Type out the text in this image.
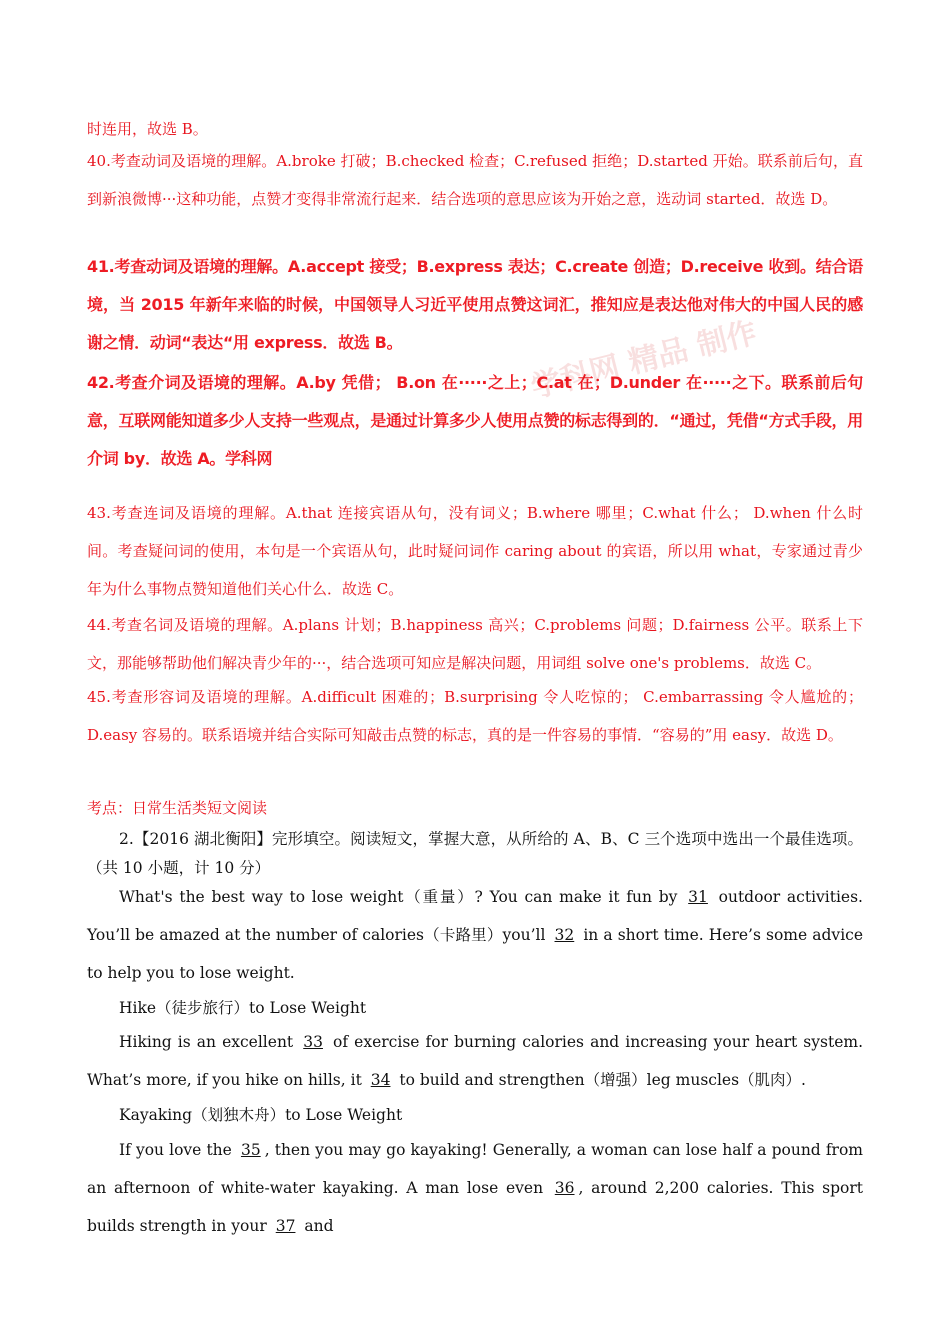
时连用，故选 B。

40.考查动词及语境的理解。A.broke 打破；B.checked 检查；C.refused 拒绝；D.started 开始。联系前后句，直到新浪微博···这种功能，点赞才变得非常流行起来．结合选项的意思应该为开始之意，选动词 started．故选 D。

41.考查动词及语境的理解。A.accept 接受；B.express 表达；C.create 创造；D.receive 收到。结合语境，当 2015 年新年来临的时候，中国领导人习近平使用点赞这词汇，推知应是表达他对伟大的中国人民的感谢之情．动词“表达“用 express．故选 B。

42.考查介词及语境的理解。A.by 凭借； B.on 在·····之上；C.at 在；D.under 在·····之下。联系前后句意，互联网能知道多少人支持一些观点，是通过计算多少人使用点赞的标志得到的．“通过，凭借“方式手段，用介词 by．故选 A。学科网

学科网 精品 制作

43.考查连词及语境的理解。A.that 连接宾语从句，没有词义；B.where 哪里；C.what 什么； D.when 什么时间。考查疑问词的使用，本句是一个宾语从句，此时疑问词作 caring about 的宾语，所以用 what，专家通过青少年为什么事物点赞知道他们关心什么．故选 C。

44.考查名词及语境的理解。A.plans 计划；B.happiness 高兴；C.problems 问题；D.fairness 公平。联系上下文，那能够帮助他们解决青少年的···，结合选项可知应是解决问题，用词组 solve one's problems．故选 C。

45.考查形容词及语境的理解。A.difficult 困难的；B.surprising 令人吃惊的； C.embarrassing 令人尴尬的；D.easy 容易的。联系语境并结合实际可知敲击点赞的标志，真的是一件容易的事情．“容易的”用 easy．故选 D。

考点：日常生活类短文阅读

2.【2016 湖北衡阳】完形填空。阅读短文，掌握大意，从所给的 A、B、C 三个选项中选出一个最佳选项。（共 10 小题，计 10 分）

What's the best way to lose weight（重量）? You can make it fun by 31 outdoor activities. You’ll be amazed at the number of calories（卡路里）you’ll 32 in a short time. Here’s some advice to help you to lose weight.

Hike（徒步旅行）to Lose Weight

Hiking is an excellent 33 of exercise for burning calories and increasing your heart system. What’s more, if you hike on hills, it 34 to build and strengthen（增强）leg muscles（肌肉）.

Kayaking（划独木舟）to Lose Weight

If you love the 35 , then you may go kayaking! Generally, a woman can lose half a pound from an afternoon of white-water kayaking. A man lose even 36 , around 2,200 calories. This sport builds strength in your 37 and
